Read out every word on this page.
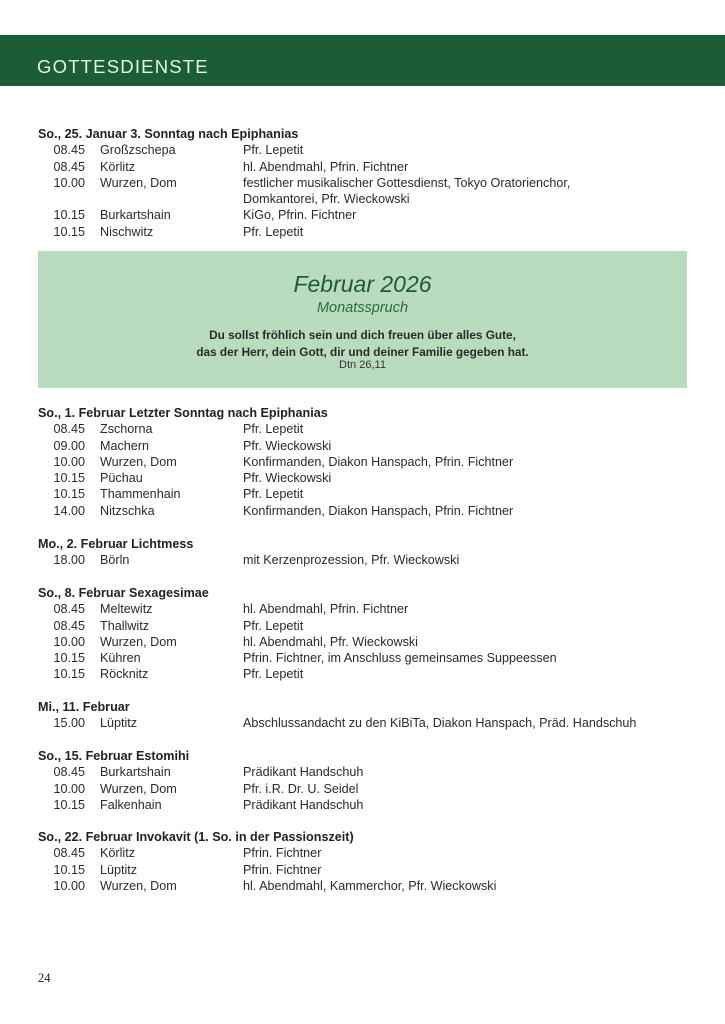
GOTTESDIENSTE
So., 25. Januar 3. Sonntag nach Epiphanias
08.45 Großzschepa	Pfr. Lepetit
08.45 Körlitz	hl. Abendmahl, Pfrin. Fichtner
10.00 Wurzen, Dom	festlicher musikalischer Gottesdienst, Tokyo Oratorienchor,
Domkantorei, Pfr. Wieckowski
10.15 Burkartshain	KiGo, Pfrin. Fichtner
10.15 Nischwitz	Pfr. Lepetit
Februar 2026
Monatsspruch
Du sollst fröhlich sein und dich freuen über alles Gute,
das der Herr, dein Gott, dir und deiner Familie gegeben hat.
Dtn 26,11
So., 1. Februar Letzter Sonntag nach Epiphanias
08.45 Zschorna	Pfr. Lepetit
09.00 Machern	Pfr. Wieckowski
10.00 Wurzen, Dom	Konfirmanden, Diakon Hanspach, Pfrin. Fichtner
10.15 Püchau	Pfr. Wieckowski
10.15 Thammenhain	Pfr. Lepetit
14.00 Nitzschka	Konfirmanden, Diakon Hanspach, Pfrin. Fichtner
Mo., 2. Februar Lichtmess
18.00 Börln	mit Kerzenprozession, Pfr. Wieckowski
So., 8. Februar Sexagesimae
08.45 Meltewitz	hl. Abendmahl, Pfrin. Fichtner
08.45 Thallwitz	Pfr. Lepetit
10.00 Wurzen, Dom	hl. Abendmahl, Pfr. Wieckowski
10.15 Kühren	Pfrin. Fichtner, im Anschluss gemeinsames Suppeessen
10.15 Röcknitz	Pfr. Lepetit
Mi., 11. Februar
15.00 Lüptitz	Abschlussandacht zu den KiBiTa, Diakon Hanspach, Präd. Handschuh
So., 15. Februar Estomihi
08.45 Burkartshain	Prädikant Handschuh
10.00 Wurzen, Dom	Pfr. i.R. Dr. U. Seidel
10.15 Falkenhain	Prädikant Handschuh
So., 22. Februar Invokavit (1. So. in der Passionszeit)
08.45 Körlitz	Pfrin. Fichtner
10.15 Lüptitz	Pfrin. Fichtner
10.00 Wurzen, Dom	hl. Abendmahl, Kammerchor, Pfr. Wieckowski
24
